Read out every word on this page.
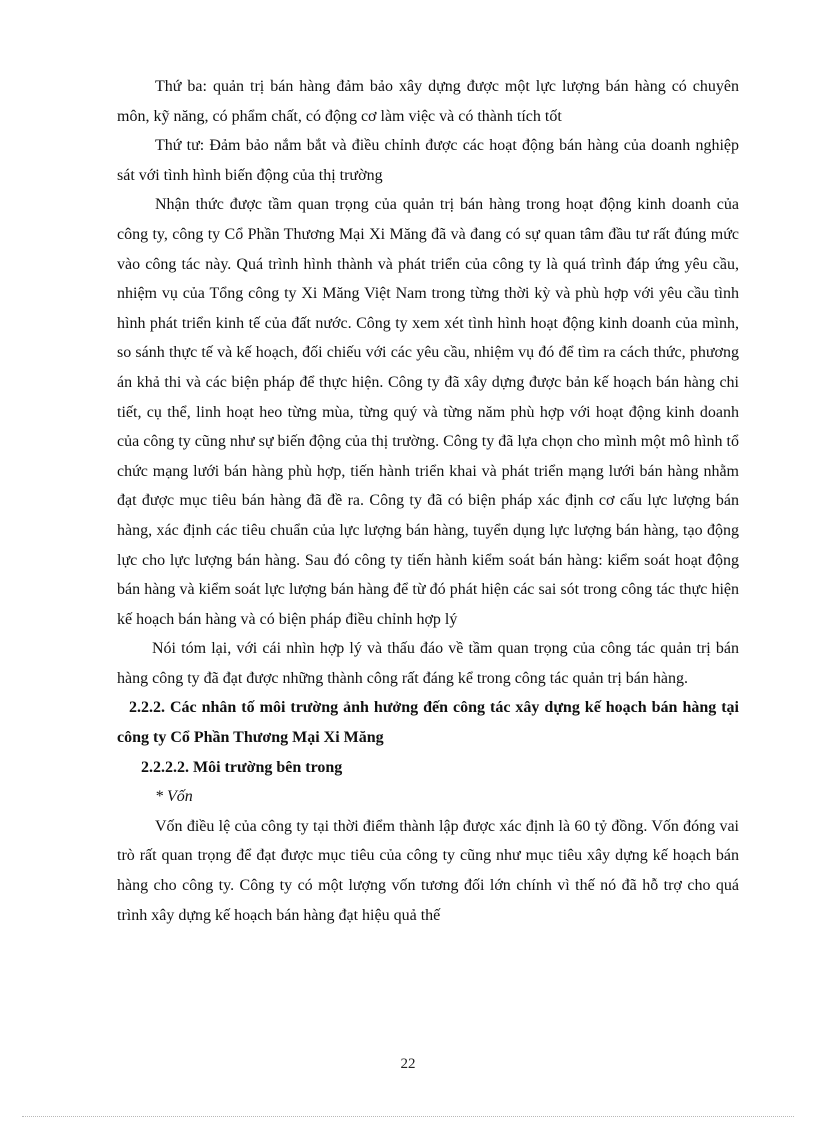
Thứ ba: quản trị bán hàng đảm bảo xây dựng được một lực lượng bán hàng có chuyên môn, kỹ năng, có phẩm chất, có động cơ làm việc và có thành tích tốt

Thứ tư: Đảm bảo nắm bắt và điều chỉnh được các hoạt động bán hàng của doanh nghiệp sát với tình hình biến động của thị trường

Nhận thức được tầm quan trọng của quản trị bán hàng trong hoạt động kinh doanh của công ty, công ty Cổ Phần Thương Mại Xi Măng đã và đang có sự quan tâm đầu tư rất đúng mức vào công tác này. Quá trình hình thành và phát triển của công ty là quá trình đáp ứng yêu cầu, nhiệm vụ của Tổng công ty Xi Măng Việt Nam trong từng thời kỳ và phù hợp với yêu cầu tình hình phát triển kinh tế của đất nước. Công ty xem xét tình hình hoạt động kinh doanh của mình, so sánh thực tế và kế hoạch, đối chiếu với các yêu cầu, nhiệm vụ đó để tìm ra cách thức, phương án khả thi và các biện pháp để thực hiện. Công ty đã xây dựng được bản kế hoạch bán hàng chi tiết, cụ thể, linh hoạt heo từng mùa, từng quý và từng năm phù hợp với hoạt động kinh doanh của công ty cũng như sự biến động của thị trường. Công ty đã lựa chọn cho mình một mô hình tổ chức mạng lưới bán hàng phù hợp, tiến hành triển khai và phát triển mạng lưới bán hàng nhằm đạt được mục tiêu bán hàng đã đề ra. Công ty đã có biện pháp xác định cơ cấu lực lượng bán hàng, xác định các tiêu chuẩn của lực lượng bán hàng, tuyển dụng lực lượng bán hàng, tạo động lực cho lực lượng bán hàng. Sau đó công ty tiến hành kiểm soát bán hàng: kiểm soát hoạt động bán hàng và kiểm soát lực lượng bán hàng để từ đó phát hiện các sai sót trong công tác thực hiện kế hoạch bán hàng và có biện pháp điều chỉnh hợp lý

Nói tóm lại, với cái nhìn hợp lý và thấu đáo về tầm quan trọng của công tác quản trị bán hàng công ty đã đạt được những thành công rất đáng kể trong công tác quản trị bán hàng.

2.2.2. Các nhân tố môi trường ảnh hưởng đến công tác xây dựng kế hoạch bán hàng tại công ty Cổ Phần Thương Mại Xi Măng

2.2.2.2. Môi trường bên trong

* Vốn

Vốn điều lệ của công ty tại thời điểm thành lập được xác định là 60 tỷ đồng. Vốn đóng vai trò rất quan trọng để đạt được mục tiêu của công ty cũng như mục tiêu xây dựng kế hoạch bán hàng cho công ty. Công ty có một lượng vốn tương đối lớn chính vì thế nó đã hỗ trợ cho quá trình xây dựng kế hoạch bán hàng đạt hiệu quả thế

22
